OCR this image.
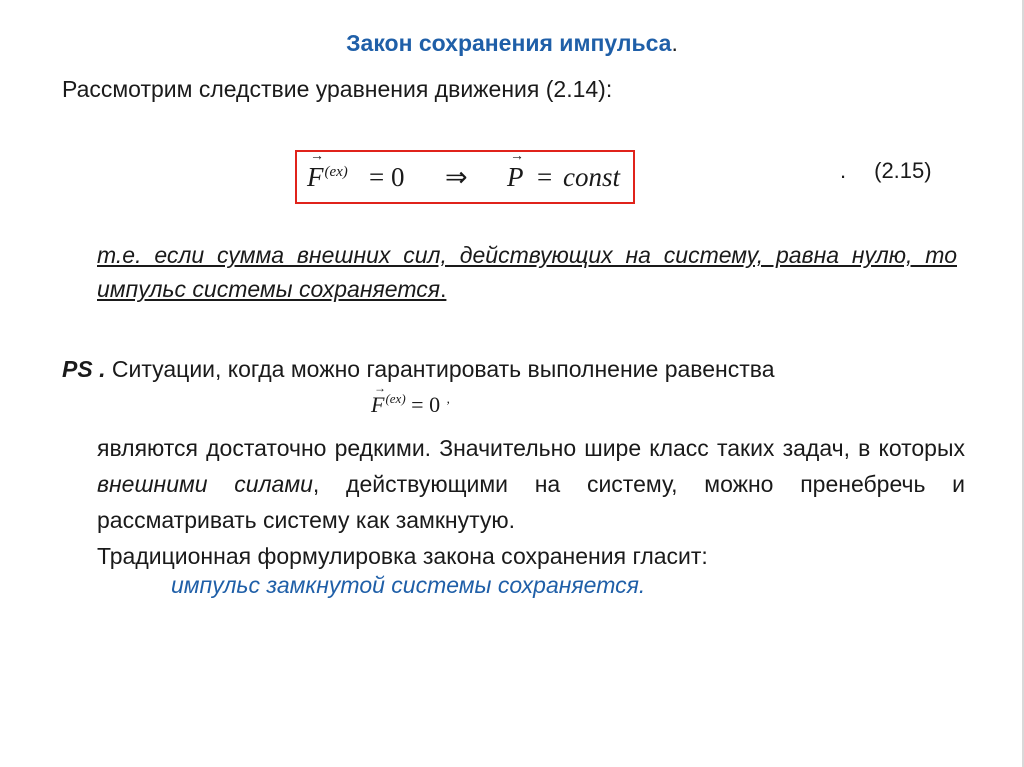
Закон сохранения импульса.
Рассмотрим следствие уравнения движения (2.14):
→
$F^{(ex)} = 0$ ⇒
→
P = const	. (2.15)
т.е. если сумма внешних сил, действующих на систему, равна нулю, то импульс системы сохраняется.
PS . Ситуации, когда можно гарантировать выполнение равенства
→
$F^{(ex)} = 0$ ,
являются достаточно редкими. Значительно шире класс таких задач, в которых внешними силами, действующими на систему, можно пренебречь и рассматривать систему как замкнутую.
Традиционная формулировка закона сохранения гласит:
импульс замкнутой системы сохраняется.
